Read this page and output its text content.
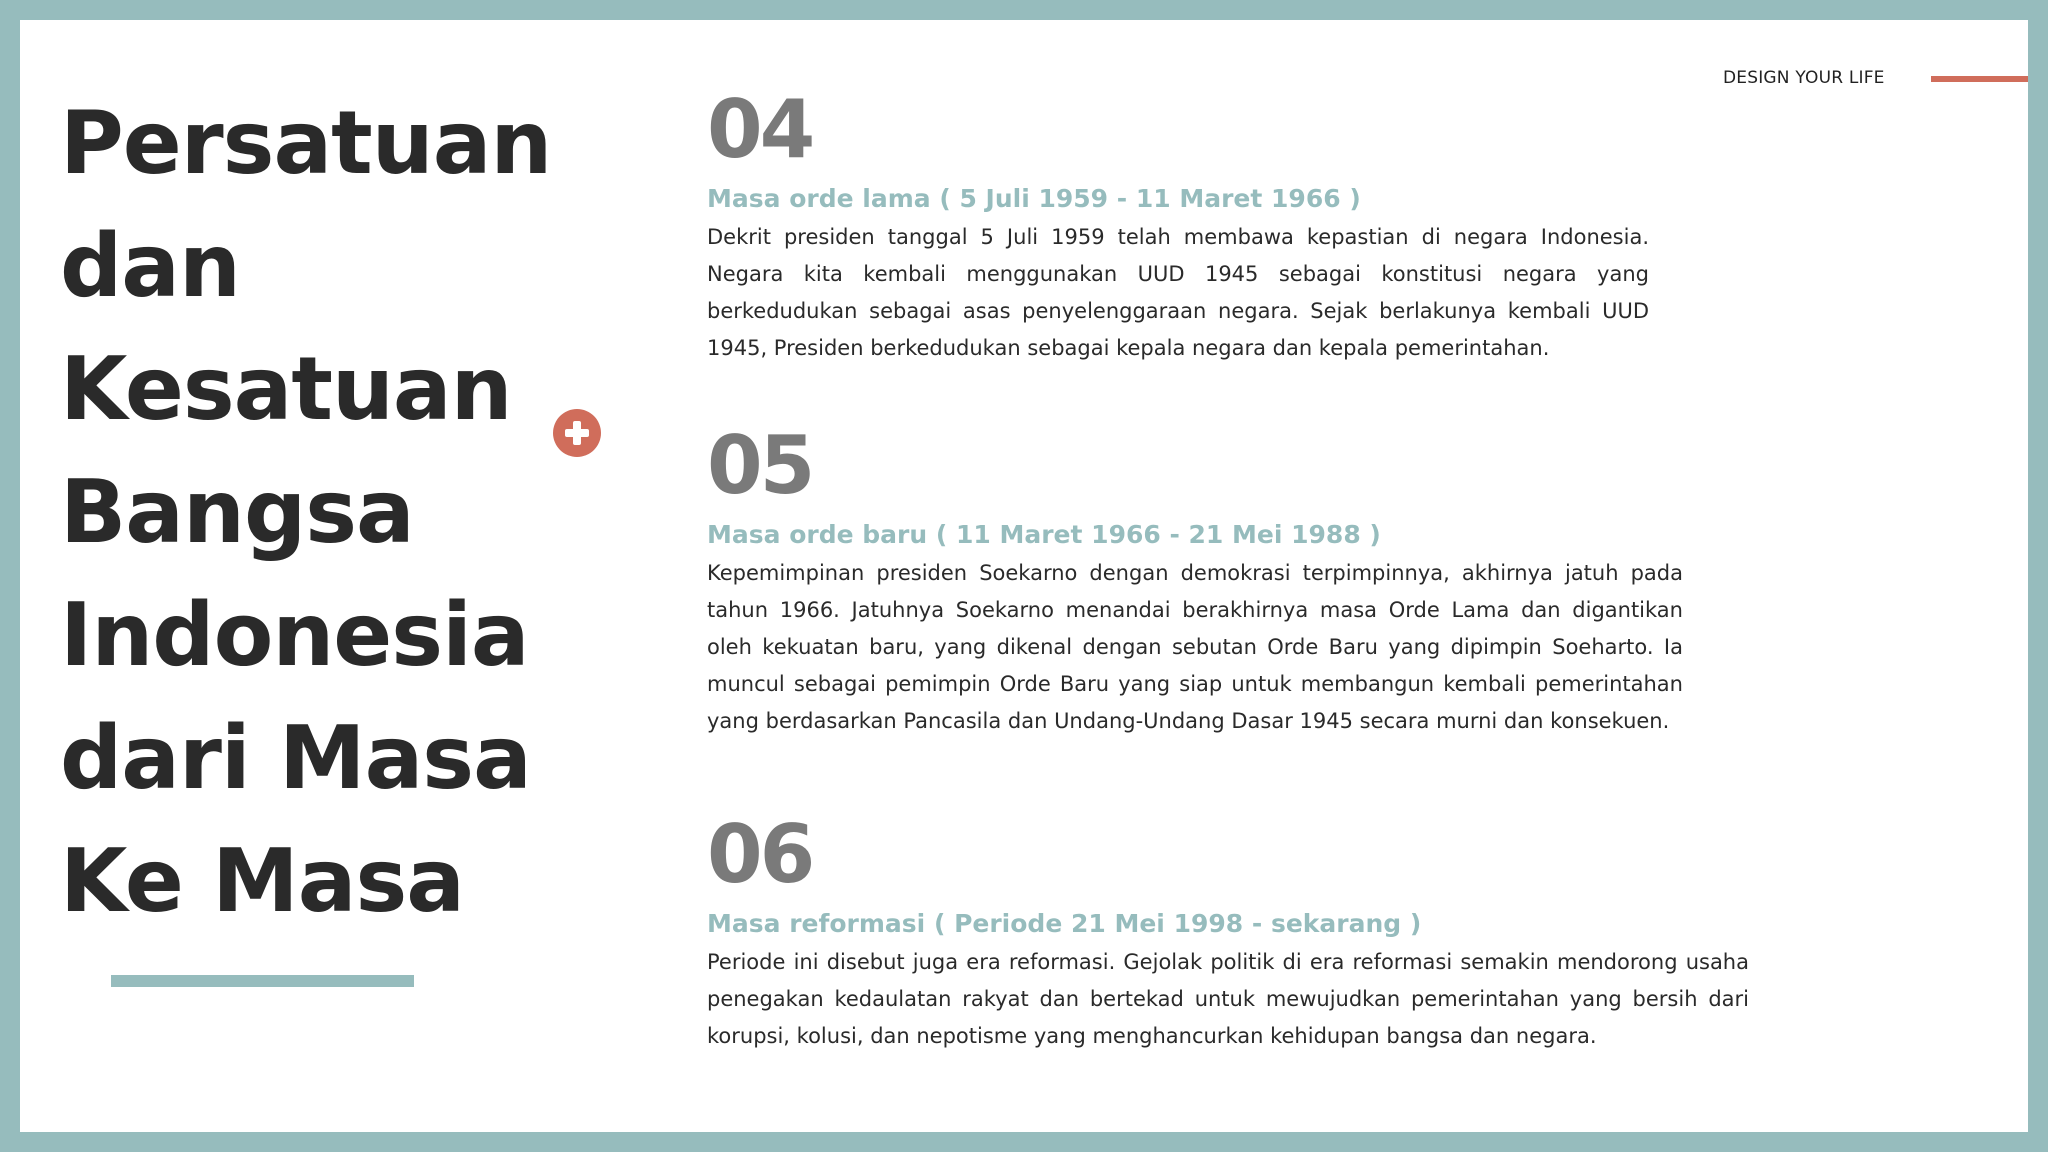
Persatuan
dan
Kesatuan
Bangsa
Indonesia
dari Masa
Ke Masa
DESIGN YOUR LIFE
04
Masa orde lama ( 5 Juli 1959 - 11 Maret 1966 )
Dekrit presiden tanggal 5 Juli 1959 telah membawa kepastian di negara Indonesia. Negara kita kembali menggunakan UUD 1945 sebagai konstitusi negara yang berkedudukan sebagai asas penyelenggaraan negara. Sejak berlakunya kembali UUD 1945, Presiden berkedudukan sebagai kepala negara dan kepala pemerintahan.
05
Masa orde baru ( 11 Maret 1966 - 21 Mei 1988 )
Kepemimpinan presiden Soekarno dengan demokrasi terpimpinnya, akhirnya jatuh pada tahun 1966. Jatuhnya Soekarno menandai berakhirnya masa Orde Lama dan digantikan oleh kekuatan baru, yang dikenal dengan sebutan Orde Baru yang dipimpin Soeharto. Ia muncul sebagai pemimpin Orde Baru yang siap untuk membangun kembali pemerintahan yang berdasarkan Pancasila dan Undang-Undang Dasar 1945 secara murni dan konsekuen.
06
Masa reformasi ( Periode 21 Mei 1998 - sekarang )
Periode ini disebut juga era reformasi. Gejolak politik di era reformasi semakin mendorong usaha penegakan kedaulatan rakyat dan bertekad untuk mewujudkan pemerintahan yang bersih dari korupsi, kolusi, dan nepotisme yang menghancurkan kehidupan bangsa dan negara.
